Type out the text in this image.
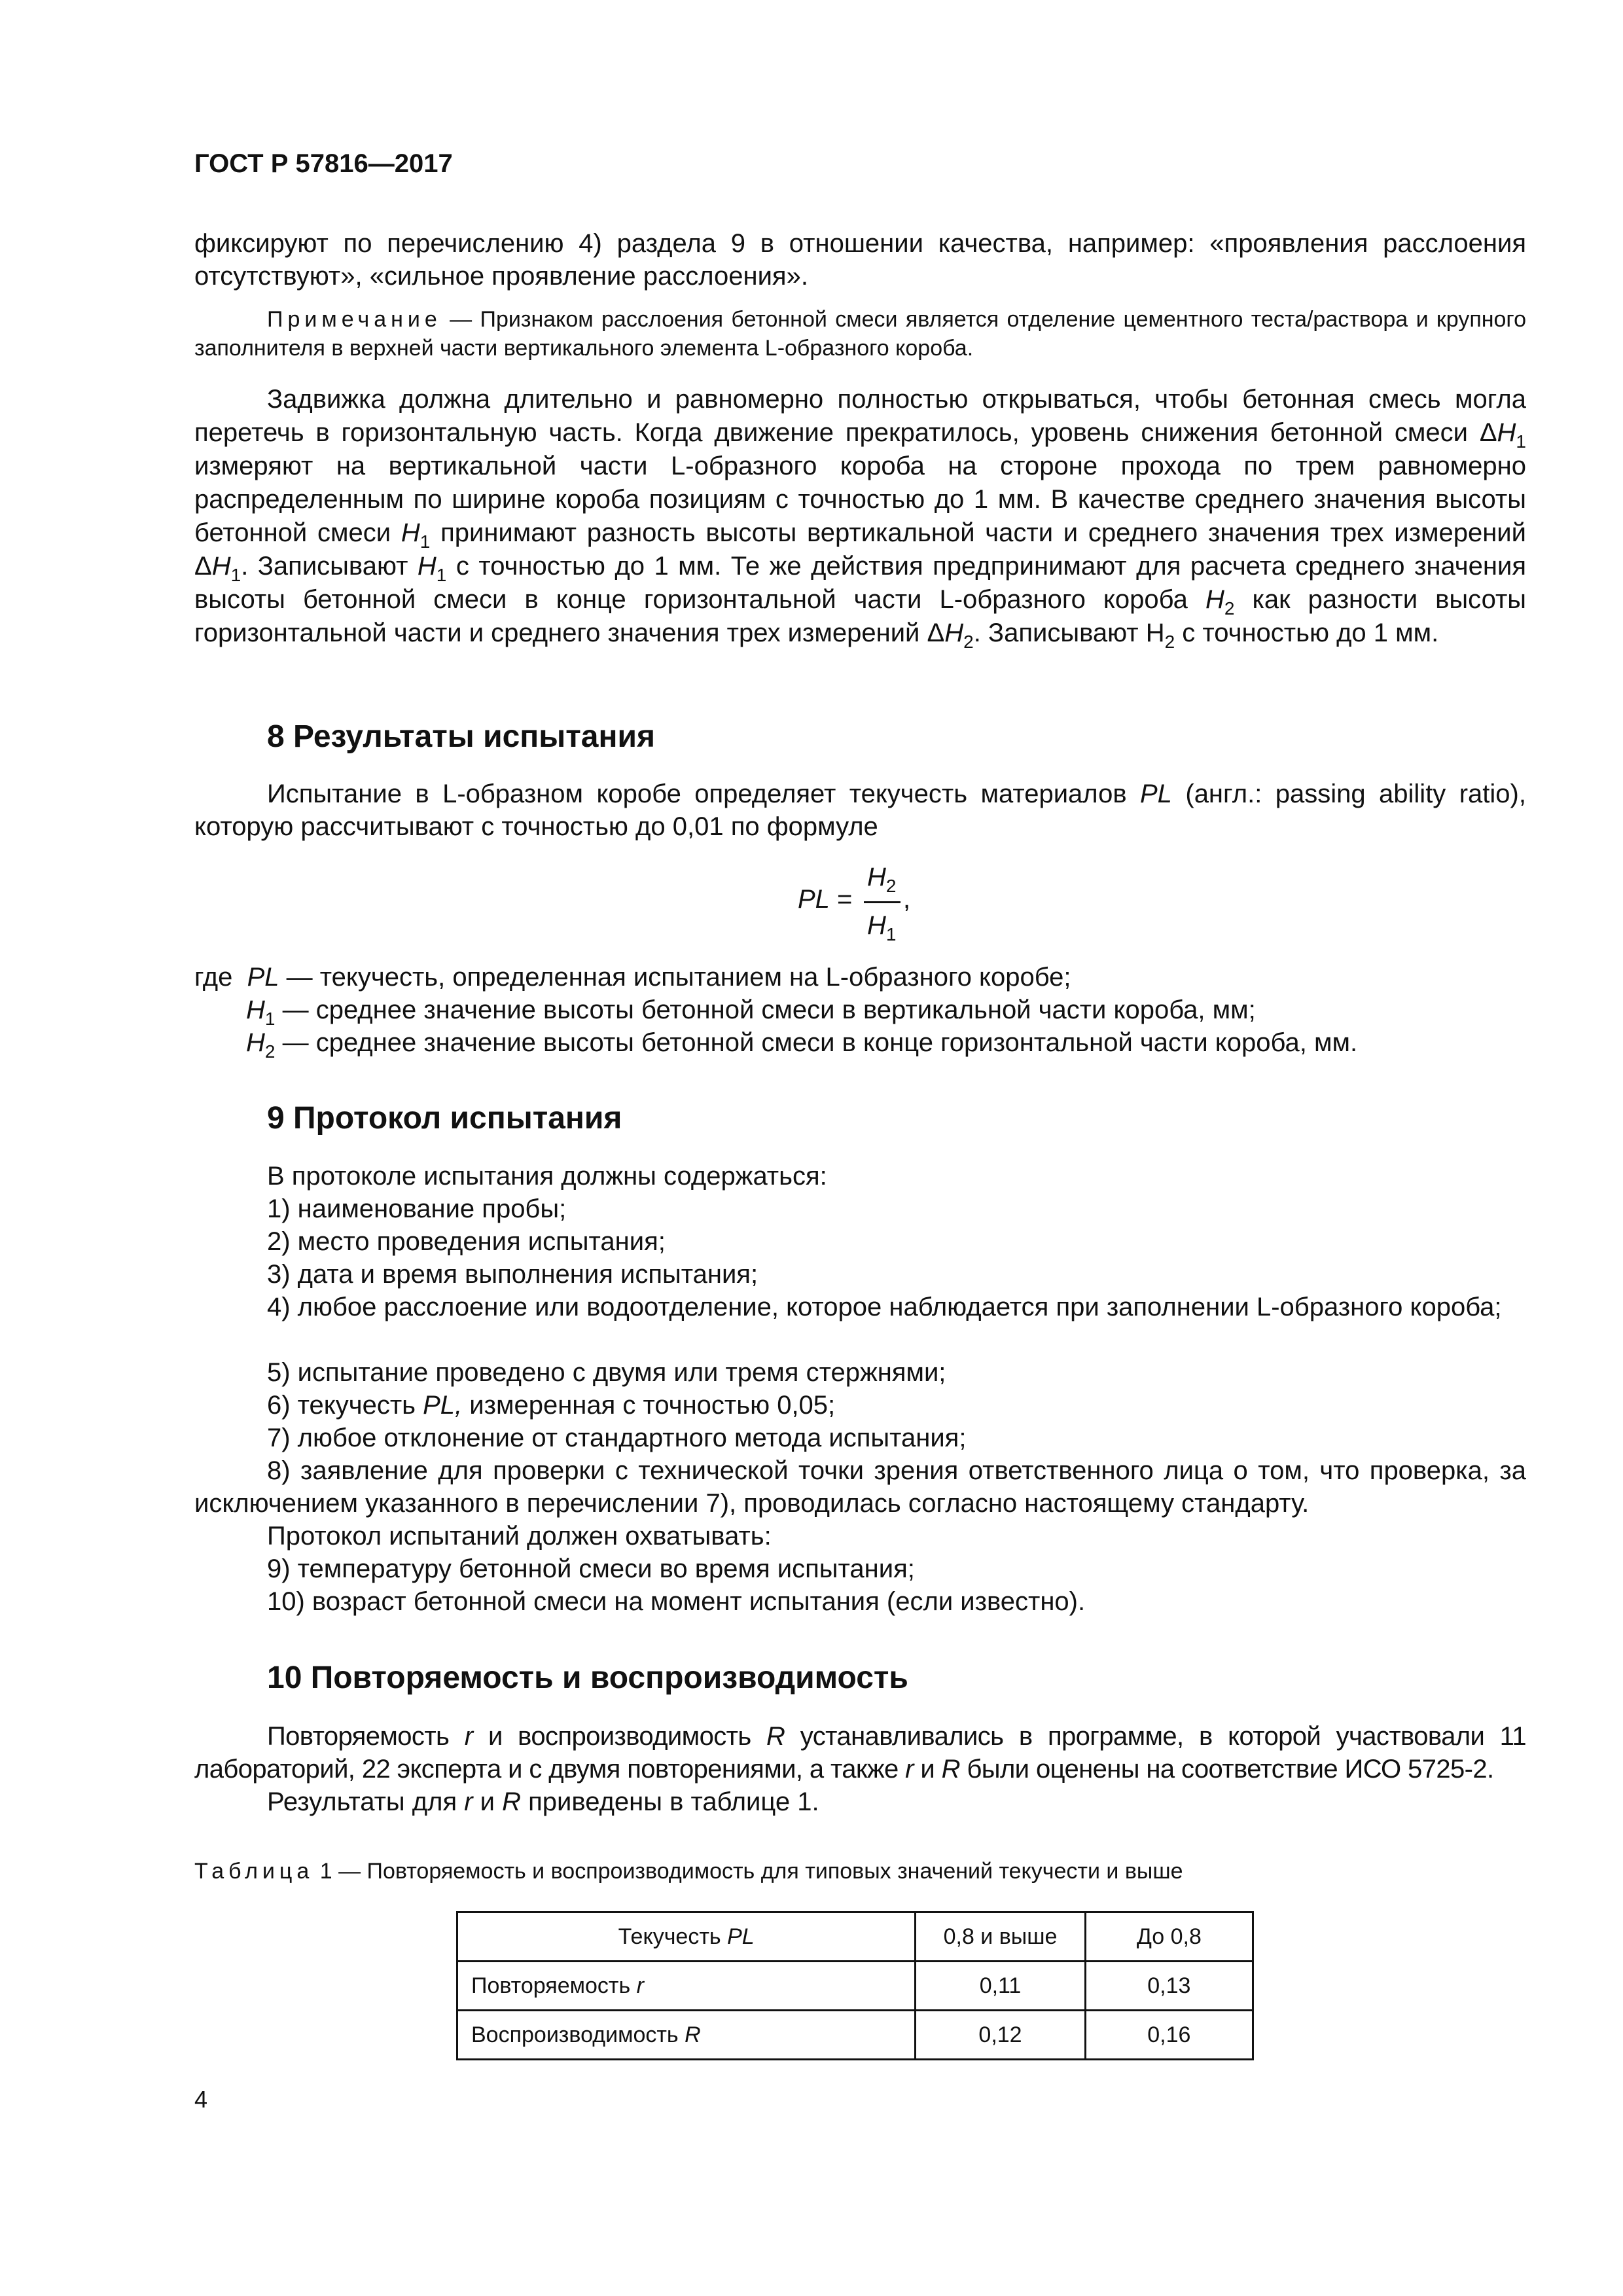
ГОСТ Р 57816—2017
фиксируют по перечислению 4) раздела 9 в отношении качества, например: «проявления расслоения отсутствуют», «сильное проявление расслоения».
Примечание — Признаком расслоения бетонной смеси является отделение цементного теста/раствора и крупного заполнителя в верхней части вертикального элемента L-образного короба.
Задвижка должна длительно и равномерно полностью открываться, чтобы бетонная смесь могла перетечь в горизонтальную часть. Когда движение прекратилось, уровень снижения бетонной смеси $\Delta H_1$ измеряют на вертикальной части L-образного короба на стороне прохода по трем равномерно распределенным по ширине короба позициям с точностью до 1 мм. В качестве среднего значения высоты бетонной смеси $H_1$ принимают разность высоты вертикальной части и среднего значения трех измерений $\Delta H_1$. Записывают $H_1$ с точностью до 1 мм. Те же действия предпринимают для расчета среднего значения высоты бетонной смеси в конце горизонтальной части L-образного короба $H_2$ как разности высоты горизонтальной части и среднего значения трех измерений $\Delta H_2$. Записывают $H_2$ с точностью до 1 мм.
8 Результаты испытания
Испытание в L-образном коробе определяет текучесть материалов PL (англ.: passing ability ratio), которую рассчитывают с точностью до 0,01 по формуле
PL =
$H_2$
$H_1$
,
где PL — текучесть, определенная испытанием на L-образного коробе;
$H_1$ — среднее значение высоты бетонной смеси в вертикальной части короба, мм;
$H_2$ — среднее значение высоты бетонной смеси в конце горизонтальной части короба, мм.
9 Протокол испытания
В протоколе испытания должны содержаться:
1) наименование пробы;
2) место проведения испытания;
3) дата и время выполнения испытания;
4) любое расслоение или водоотделение, которое наблюдается при заполнении L-образного короба;
5) испытание проведено с двумя или тремя стержнями;
6) текучесть PL, измеренная с точностью 0,05;
7) любое отклонение от стандартного метода испытания;
8) заявление для проверки с технической точки зрения ответственного лица о том, что проверка, за исключением указанного в перечислении 7), проводилась согласно настоящему стандарту.
Протокол испытаний должен охватывать:
9) температуру бетонной смеси во время испытания;
10) возраст бетонной смеси на момент испытания (если известно).
10 Повторяемость и воспроизводимость
Повторяемость r и воспроизводимость R устанавливались в программе, в которой участвовали 11 лабораторий, 22 эксперта и с двумя повторениями, а также r и R были оценены на соответствие ИСО 5725-2.
Результаты для r и R приведены в таблице 1.
Таблица 1 — Повторяемость и воспроизводимость для типовых значений текучести и выше
Текучесть PL	0,8 и выше	До 0,8
Повторяемость r	0,11	0,13
Воспроизводимость R	0,12	0,16
4
